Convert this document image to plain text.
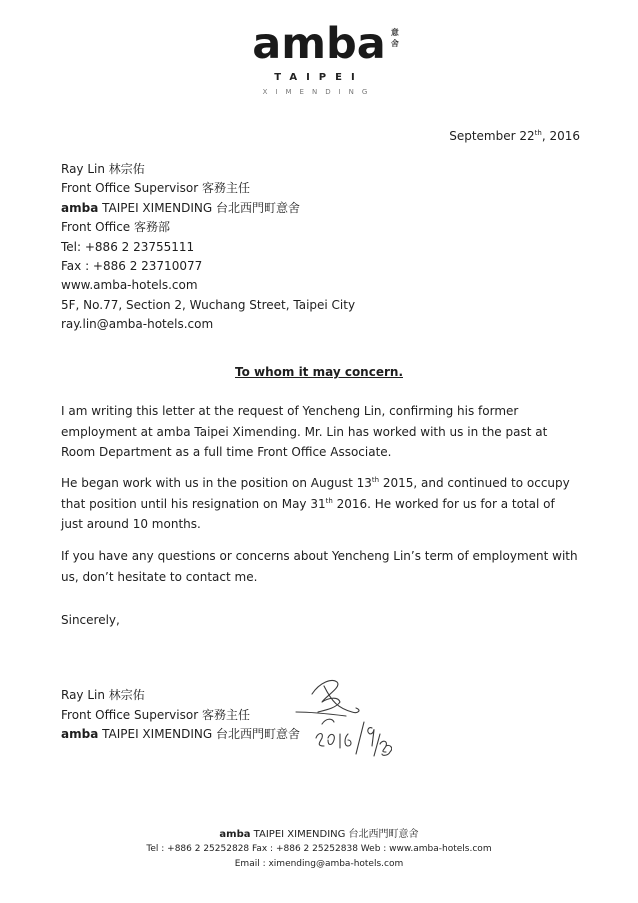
amba 意舍
TAIPEI
XIMENDING
September 22th, 2016
Ray Lin 林宗佑
Front Office Supervisor 客務主任
amba TAIPEI XIMENDING 台北西門町意舍
Front Office 客務部
Tel: +886 2 23755111
Fax : +886 2 23710077
www.amba-hotels.com
5F, No.77, Section 2, Wuchang Street, Taipei City
ray.lin@amba-hotels.com
To whom it may concern.
I am writing this letter at the request of Yencheng Lin, confirming his former employment at amba Taipei Ximending. Mr. Lin has worked with us in the past at Room Department as a full time Front Office Associate.
He began work with us in the position on August 13th 2015, and continued to occupy that position until his resignation on May 31th 2016. He worked for us for a total of just around 10 months.
If you have any questions or concerns about Yencheng Lin’s term of employment with us, don’t hesitate to contact me.
Sincerely,
Ray Lin 林宗佑
Front Office Supervisor 客務主任
amba TAIPEI XIMENDING 台北西門町意舍
amba TAIPEI XIMENDING 台北西門町意舍
Tel : +886 2 25252828 Fax : +886 2 25252838 Web : www.amba-hotels.com
Email : ximending@amba-hotels.com
